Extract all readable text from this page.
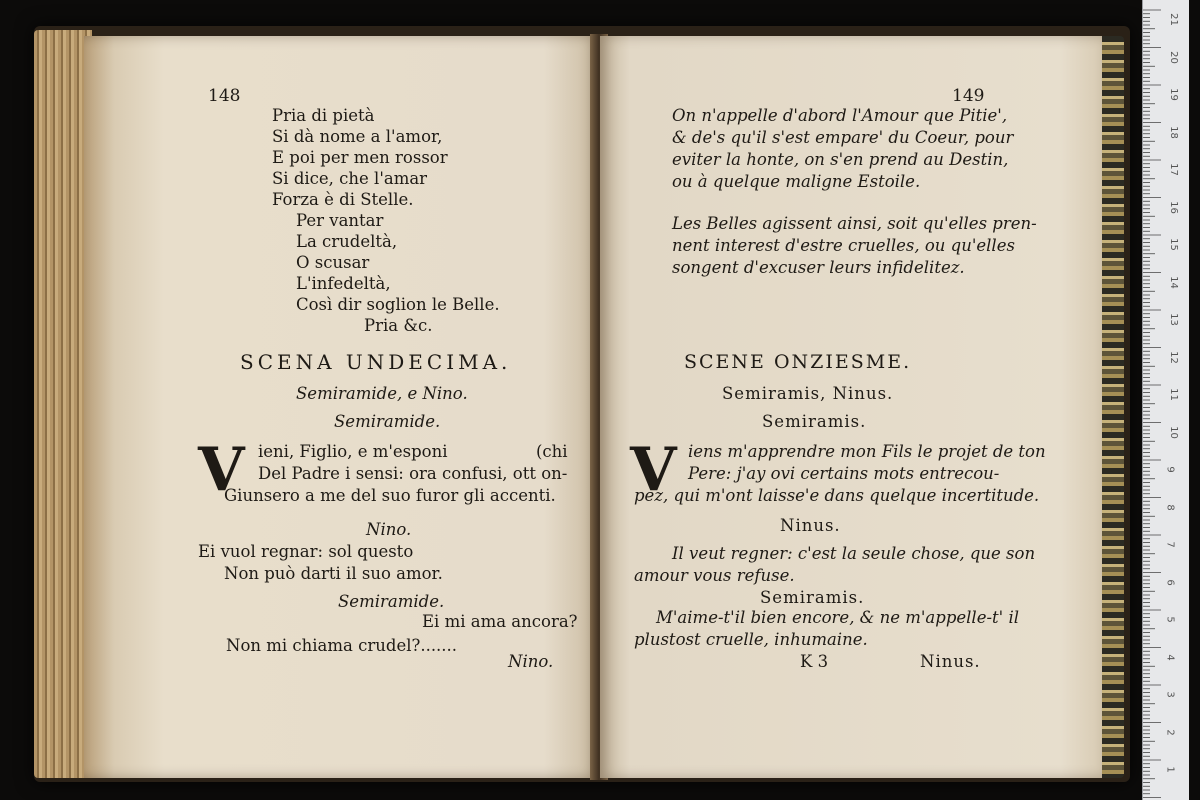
148
Pria di pietà
Si dà nome a l'amor,
E poi per men rossor
Si dice, che l'amar
Forza è di Stelle.
Per vantar
La crudeltà,
O scusar
L'infedeltà,
Così dir soglion le Belle.
Pria &c.
SCENA UNDECIMA.
Semiramide, e Nino.
Semiramide.
V ieni, Figlio, e m'esponi	(chi
Del Padre i sensi: ora confusi, ott on-
Giunsero a me del suo furor gli accenti.
Nino.
Ei vuol regnar: sol questo
Non può darti il suo amor.
Semiramide.
Ei mi ama ancora?
Non mi chiama crudel?.......
Nino.
149
On n'appelle d'abord l'Amour que Pitie',
& de's qu'il s'est empare' du Coeur, pour
eviter la honte, on s'en prend au Destin,
ou à quelque maligne Estoile.
Les Belles agissent ainsi, soit qu'elles pren-
nent interest d'estre cruelles, ou qu'elles
songent d'excuser leurs infidelitez.
SCENE ONZIESME.
Semiramis, Ninus.
Semiramis.
V iens m'apprendre mon Fils le projet de ton
Pere: j'ay ovi certains mots entrecou-
pez, qui m'ont laisse'e dans quelque incertitude.
Ninus.
Il veut regner: c'est la seule chose, que son
amour vous refuse.
Semiramis.
M'aime-t'il bien encore, & ne m'appelle-t' il
plustost cruelle, inhumaine.
K 3	Ninus.
21
20
19
18
17
16
15
14
13
12
11
10
9
8
7
6
5
4
3
2
1
